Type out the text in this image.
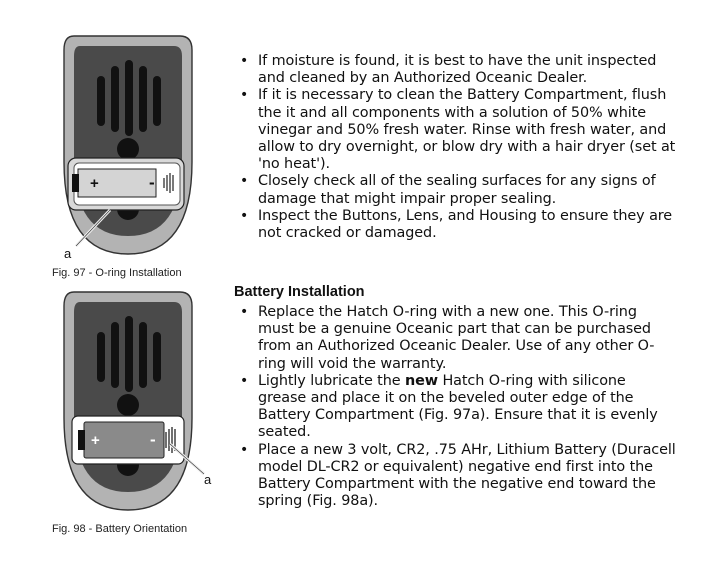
+	-
a
Fig. 97 - O-ring Installation
+	-
a
Fig. 98 - Battery Orientation
• If moisture is found, it is best to have the unit inspected and cleaned by an Authorized Oceanic Dealer.
• If it is necessary to clean the Battery Compartment, flush the it and all components with a solution of 50% white vinegar and 50% fresh water. Rinse with fresh water, and allow to dry overnight, or blow dry with a hair dryer (set at 'no heat').
• Closely check all of the sealing surfaces for any signs of damage that might impair proper sealing.
• Inspect the Buttons, Lens, and Housing to ensure they are not cracked or damaged.
Battery Installation
• Replace the Hatch O-ring with a new one. This O-ring must be a genuine Oceanic part that can be purchased from an Authorized Oceanic Dealer. Use of any other O-ring will void the warranty.
• Lightly lubricate the new Hatch O-ring with silicone grease and place it on the beveled outer edge of the Battery Compartment (Fig. 97a). Ensure that it is evenly seated.
• Place a new 3 volt, CR2, .75 AHr, Lithium Battery (Duracell model DL-CR2 or equivalent) negative end first into the Battery Compartment with the negative end toward the spring (Fig. 98a).
